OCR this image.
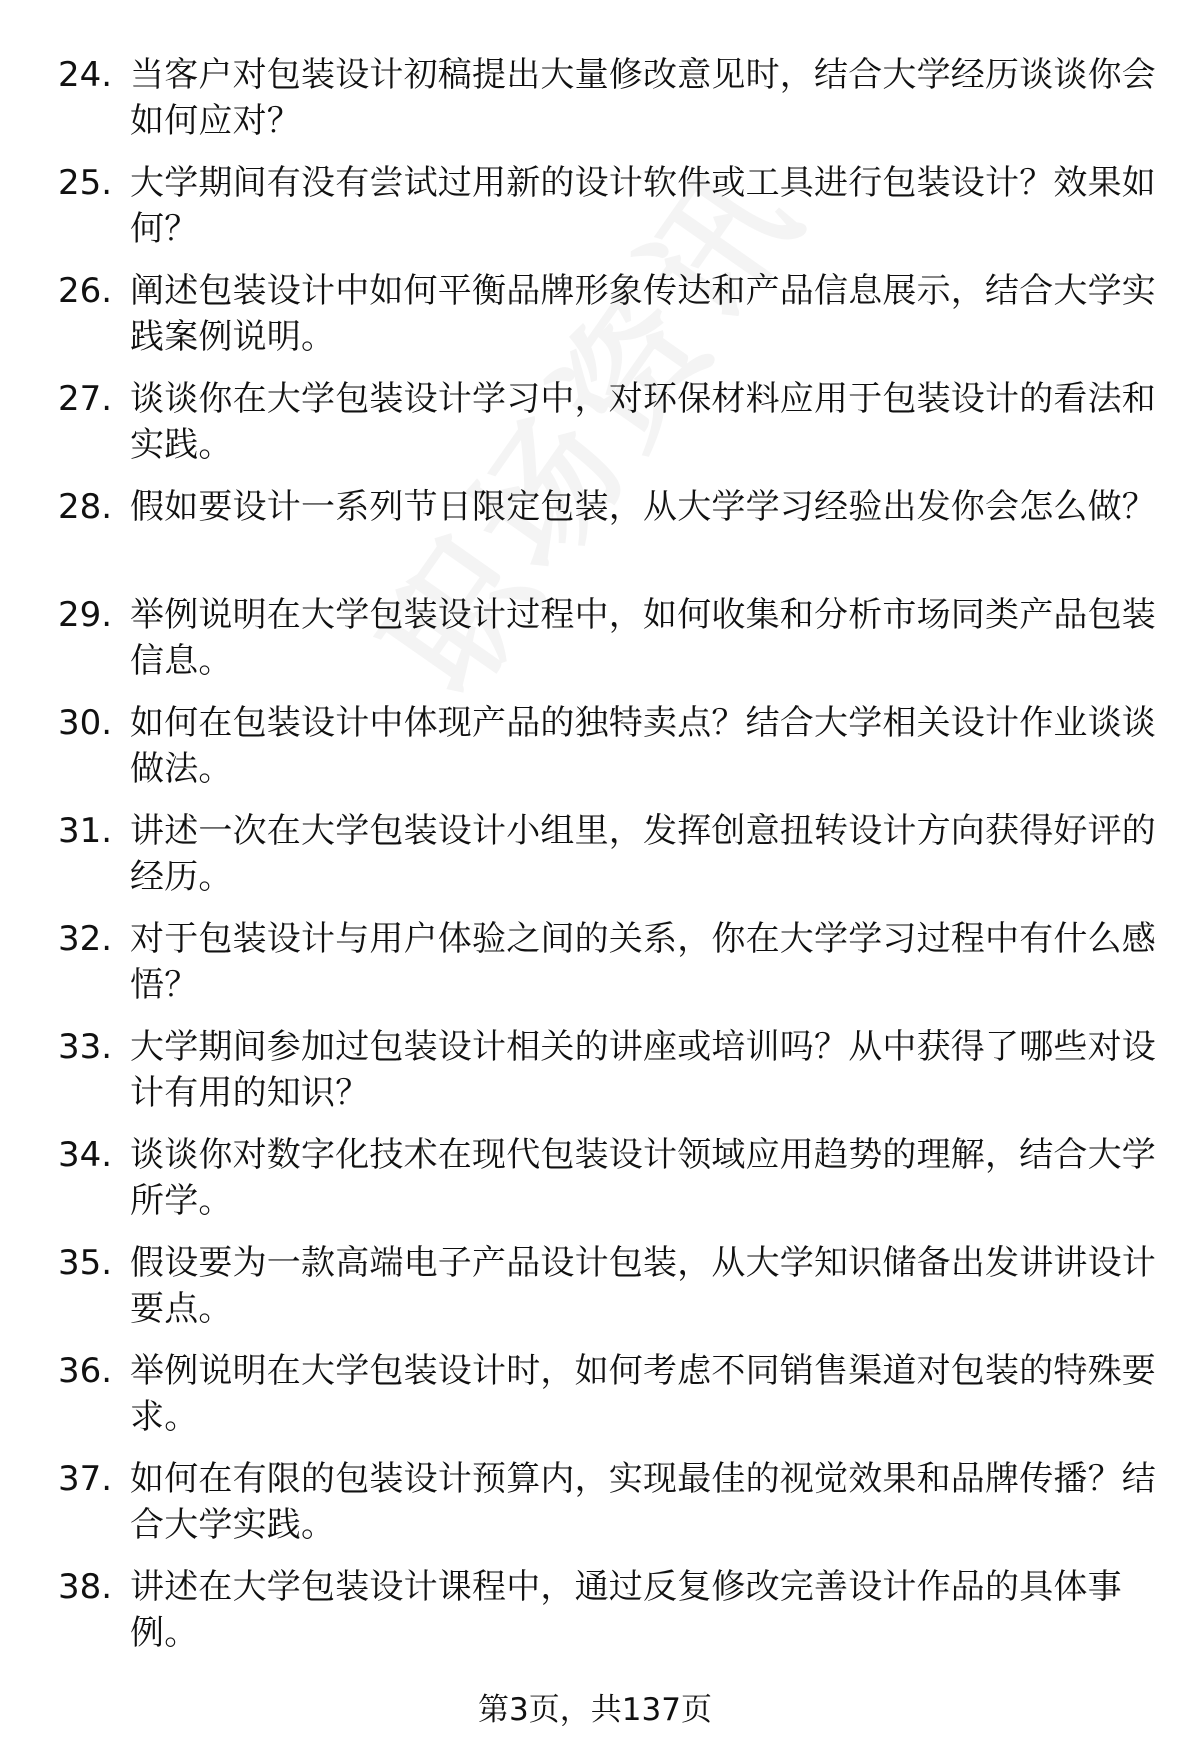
24. 当客户对包装设计初稿提出大量修改意见时，结合大学经历谈谈你会如何应对？
25. 大学期间有没有尝试过用新的设计软件或工具进行包装设计？效果如何？
26. 阐述包装设计中如何平衡品牌形象传达和产品信息展示，结合大学实践案例说明。
27. 谈谈你在大学包装设计学习中，对环保材料应用于包装设计的看法和实践。
28. 假如要设计一系列节日限定包装，从大学学习经验出发你会怎么做？
29. 举例说明在大学包装设计过程中，如何收集和分析市场同类产品包装信息。
30. 如何在包装设计中体现产品的独特卖点？结合大学相关设计作业谈谈做法。
31. 讲述一次在大学包装设计小组里，发挥创意扭转设计方向获得好评的经历。
32. 对于包装设计与用户体验之间的关系，你在大学学习过程中有什么感悟？
33. 大学期间参加过包装设计相关的讲座或培训吗？从中获得了哪些对设计有用的知识？
34. 谈谈你对数字化技术在现代包装设计领域应用趋势的理解，结合大学所学。
35. 假设要为一款高端电子产品设计包装，从大学知识储备出发讲讲设计要点。
36. 举例说明在大学包装设计时，如何考虑不同销售渠道对包装的特殊要求。
37. 如何在有限的包装设计预算内，实现最佳的视觉效果和品牌传播？结合大学实践。
38. 讲述在大学包装设计课程中，通过反复修改完善设计作品的具体事例。
第3页，共137页
